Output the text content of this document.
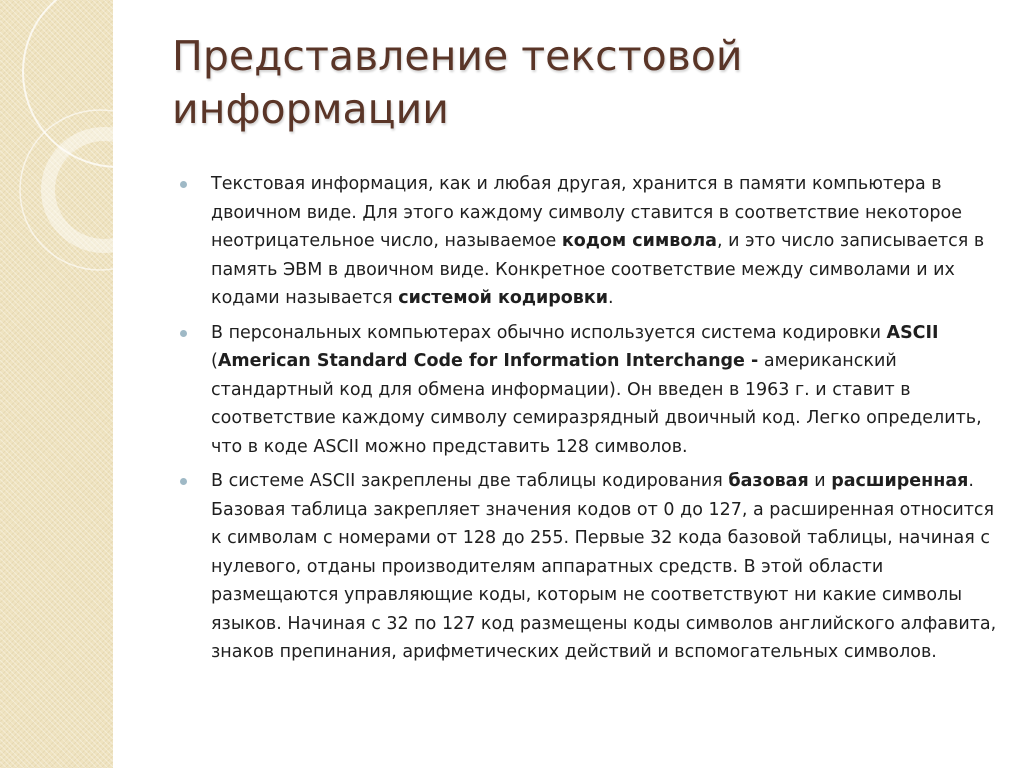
Представление текстовой информации
Текстовая информация, как и любая другая, хранится в памяти компьютера в двоичном виде. Для этого каждому символу ставится в соответствие некоторое неотрицательное число, называемое кодом символа, и это число записывается в память ЭВМ в двоичном виде. Конкретное соответствие между символами и их кодами называется системой кодировки.
В персональных компьютерах обычно используется система кодировки ASCII (American Standard Code for Information Interchange - американский стандартный код для обмена информации). Он введен в 1963 г. и ставит в соответствие каждому символу семиразрядный двоичный код. Легко определить, что в коде ASCII можно представить 128 символов.
В системе ASCII закреплены две таблицы кодирования базовая и расширенная. Базовая таблица закрепляет значения кодов от 0 до 127, а расширенная относится к символам с номерами от 128 до 255. Первые 32 кода базовой таблицы, начиная с нулевого, отданы производителям аппаратных средств. В этой области размещаются управляющие коды, которым не соответствуют ни какие символы языков. Начиная с 32 по 127 код размещены коды символов английского алфавита, знаков препинания, арифметических действий и вспомогательных символов.
